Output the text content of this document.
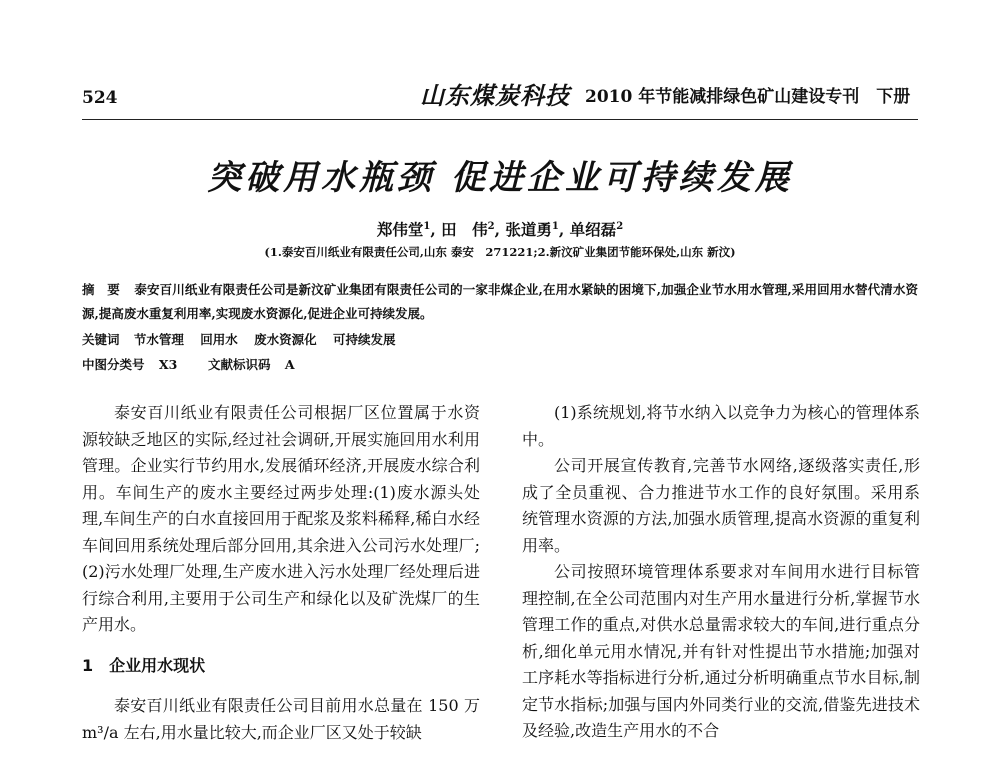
524	山东煤炭科技 2010 年节能减排绿色矿山建设专刊　下册
突破用水瓶颈 促进企业可持续发展
郑伟堂$^1$, 田　伟$^2$, 张道勇$^1$, 单绍磊$^2$
(1.泰安百川纸业有限责任公司,山东 泰安　271221;2.新汶矿业集团节能环保处,山东 新汶)
摘　要 泰安百川纸业有限责任公司是新汶矿业集团有限责任公司的一家非煤企业,在用水紧缺的困境下,加强企业节水用水管理,采用回用水替代清水资源,提高废水重复利用率,实现废水资源化,促进企业可持续发展。
关键词 节水管理 回用水 废水资源化 可持续发展
中图分类号 X3 文献标识码 A

泰安百川纸业有限责任公司根据厂区位置属于水资源较缺乏地区的实际,经过社会调研,开展实施回用水利用管理。企业实行节约用水,发展循环经济,开展废水综合利用。车间生产的废水主要经过两步处理:(1)废水源头处理,车间生产的白水直接回用于配浆及浆料稀释,稀白水经车间回用系统处理后部分回用,其余进入公司污水处理厂;(2)污水处理厂处理,生产废水进入污水处理厂经处理后进行综合利用,主要用于公司生产和绿化以及矿洗煤厂的生产用水。

1　企业用水现状

泰安百川纸业有限责任公司目前用水总量在 150 万 m³/a 左右,用水量比较大,而企业厂区又处于较缺

(1)系统规划,将节水纳入以竞争力为核心的管理体系中。

公司开展宣传教育,完善节水网络,逐级落实责任,形成了全员重视、合力推进节水工作的良好氛围。采用系统管理水资源的方法,加强水质管理,提高水资源的重复利用率。

公司按照环境管理体系要求对车间用水进行目标管理控制,在全公司范围内对生产用水量进行分析,掌握节水管理工作的重点,对供水总量需求较大的车间,进行重点分析,细化单元用水情况,并有针对性提出节水措施;加强对工序耗水等指标进行分析,通过分析明确重点节水目标,制定节水指标;加强与国内外同类行业的交流,借鉴先进技术及经验,改造生产用水的不合
